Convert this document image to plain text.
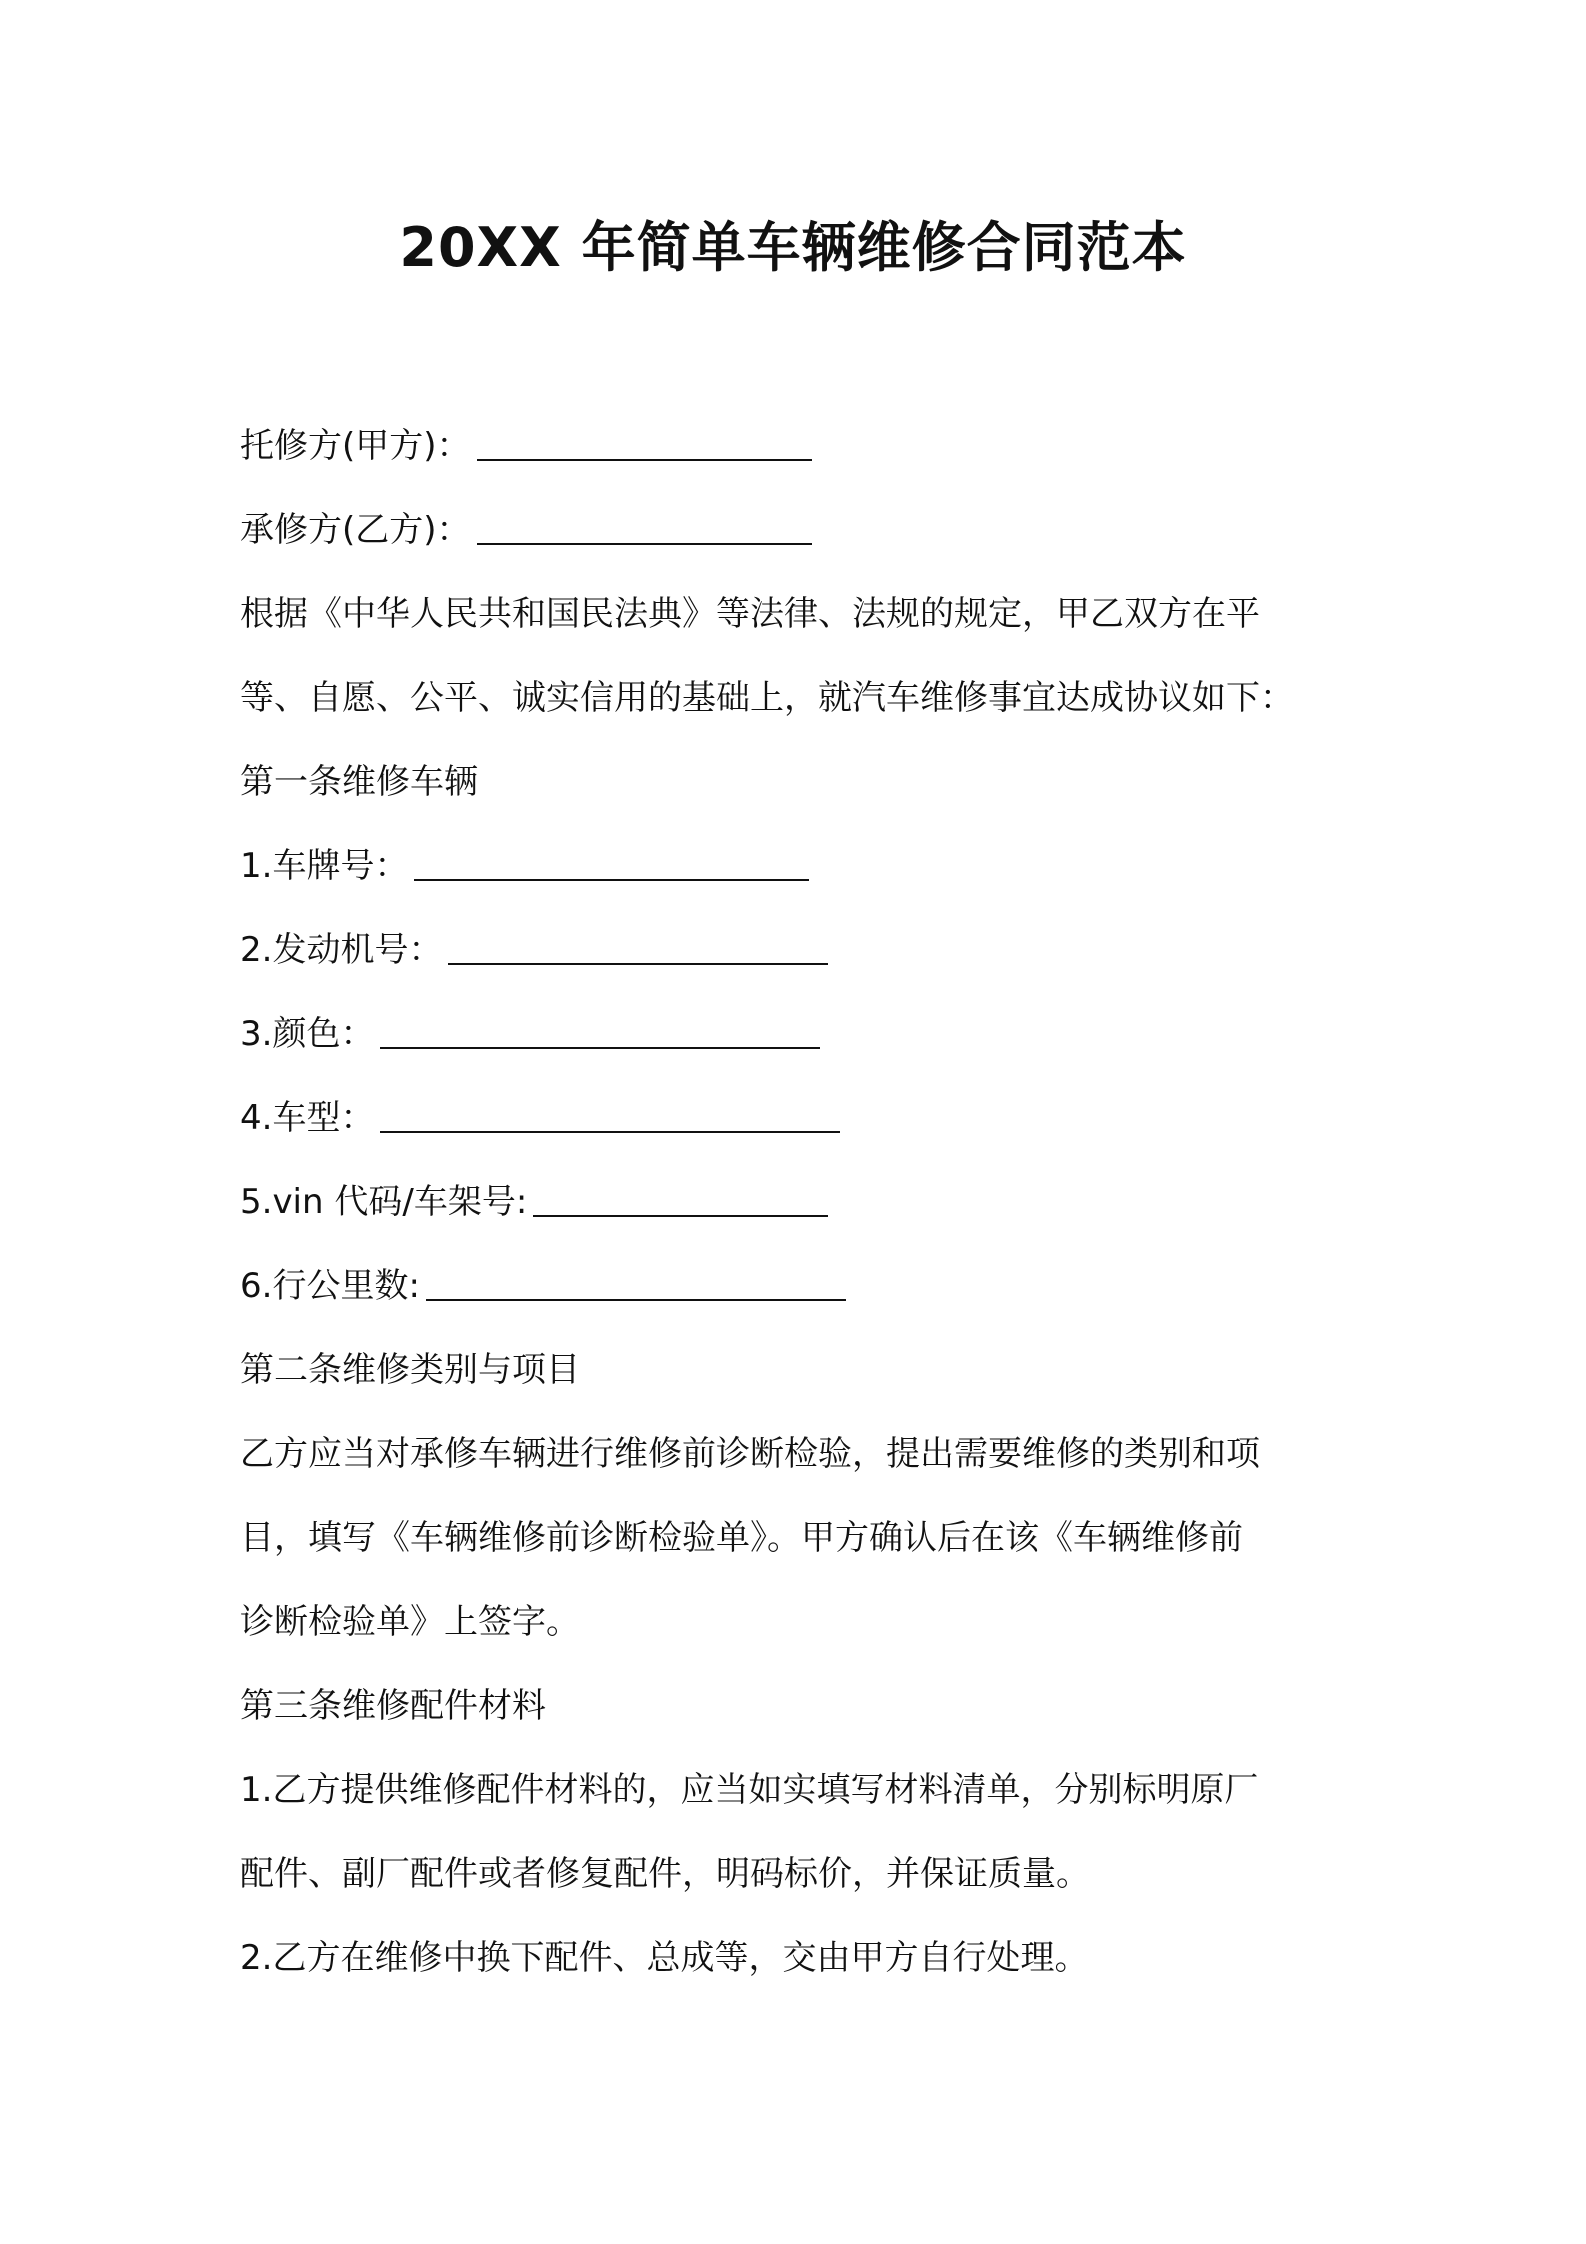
20XX 年简单车辆维修合同范本
托修方(甲方)：
承修方(乙方)：
根据《中华人民共和国民法典》等法律、法规的规定，甲乙双方在平
等、自愿、公平、诚实信用的基础上，就汽车维修事宜达成协议如下：
第一条维修车辆
1.车牌号：
2.发动机号：
3.颜色：
4.车型：
5.vin 代码/车架号:
6.行公里数:
第二条维修类别与项目
乙方应当对承修车辆进行维修前诊断检验，提出需要维修的类别和项
目，填写《车辆维修前诊断检验单》。甲方确认后在该《车辆维修前
诊断检验单》上签字。
第三条维修配件材料
1.乙方提供维修配件材料的，应当如实填写材料清单，分别标明原厂
配件、副厂配件或者修复配件，明码标价，并保证质量。
2.乙方在维修中换下配件、总成等，交由甲方自行处理。
